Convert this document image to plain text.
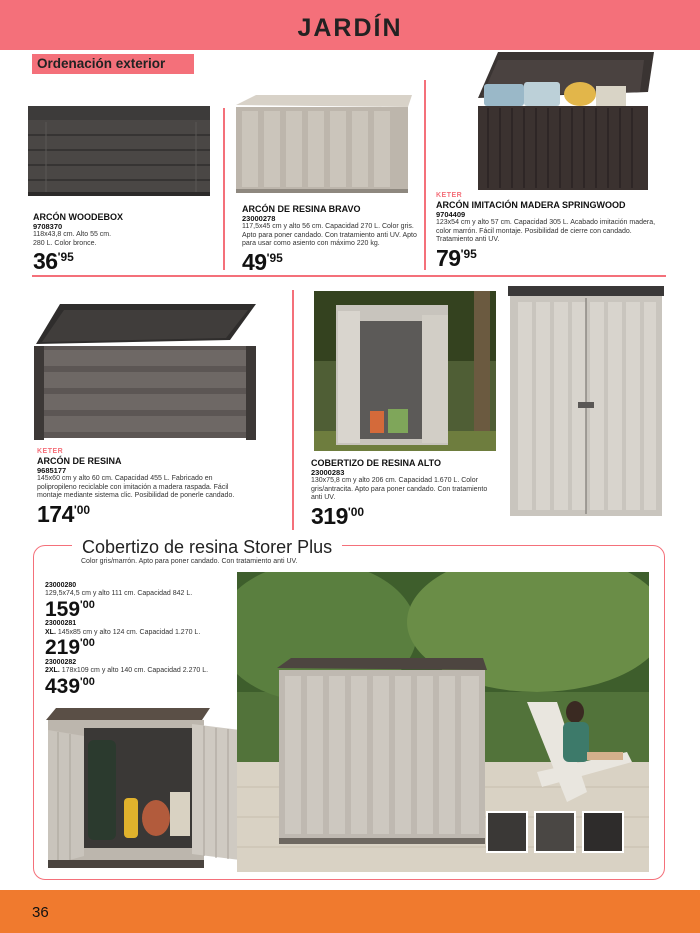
JARDÍN
Ordenación exterior
ARCÓN WOODEBOX
9708370
118x43,8 cm. Alto 55 cm. 280 L. Color bronce.
36 ' $^{95}$
ARCÓN DE RESINA BRAVO
23000278
117,5x45 cm y alto 56 cm. Capacidad 270 L. Color gris. Apto para poner candado. Con tratamiento anti UV. Apto para usar como asiento con máximo 220 kg.
49 ' $^{95}$
KETER
ARCÓN IMITACIÓN MADERA SPRINGWOOD
9704409
123x54 cm y alto 57 cm. Capacidad 305 L. Acabado imitación madera, color marrón. Fácil montaje. Posibilidad de cierre con candado. Tratamiento anti UV.
79 ' $^{95}$
KETER
ARCÓN DE RESINA
9685177
145x60 cm y alto 60 cm. Capacidad 455 L. Fabricado en polipropileno reciclable con imitación a madera raspada. Fácil montaje mediante sistema clic. Posibilidad de ponerle candado.
174 ' $^{00}$
COBERTIZO DE RESINA ALTO
23000283
130x75,8 cm y alto 206 cm. Capacidad 1.670 L. Color gris/antracita. Apto para poner candado. Con tratamiento anti UV.
319 ' $^{00}$
Cobertizo de resina Storer Plus
Color gris/marrón. Apto para poner candado. Con tratamiento anti UV.
23000280
129,5x74,5 cm y alto 111 cm. Capacidad 842 L.
159 ' $^{00}$
23000281
XL. 145x85 cm y alto 124 cm. Capacidad 1.270 L.
219 ' $^{00}$
23000282
2XL. 178x109 cm y alto 140 cm. Capacidad 2.270 L.
439 ' $^{00}$
36
